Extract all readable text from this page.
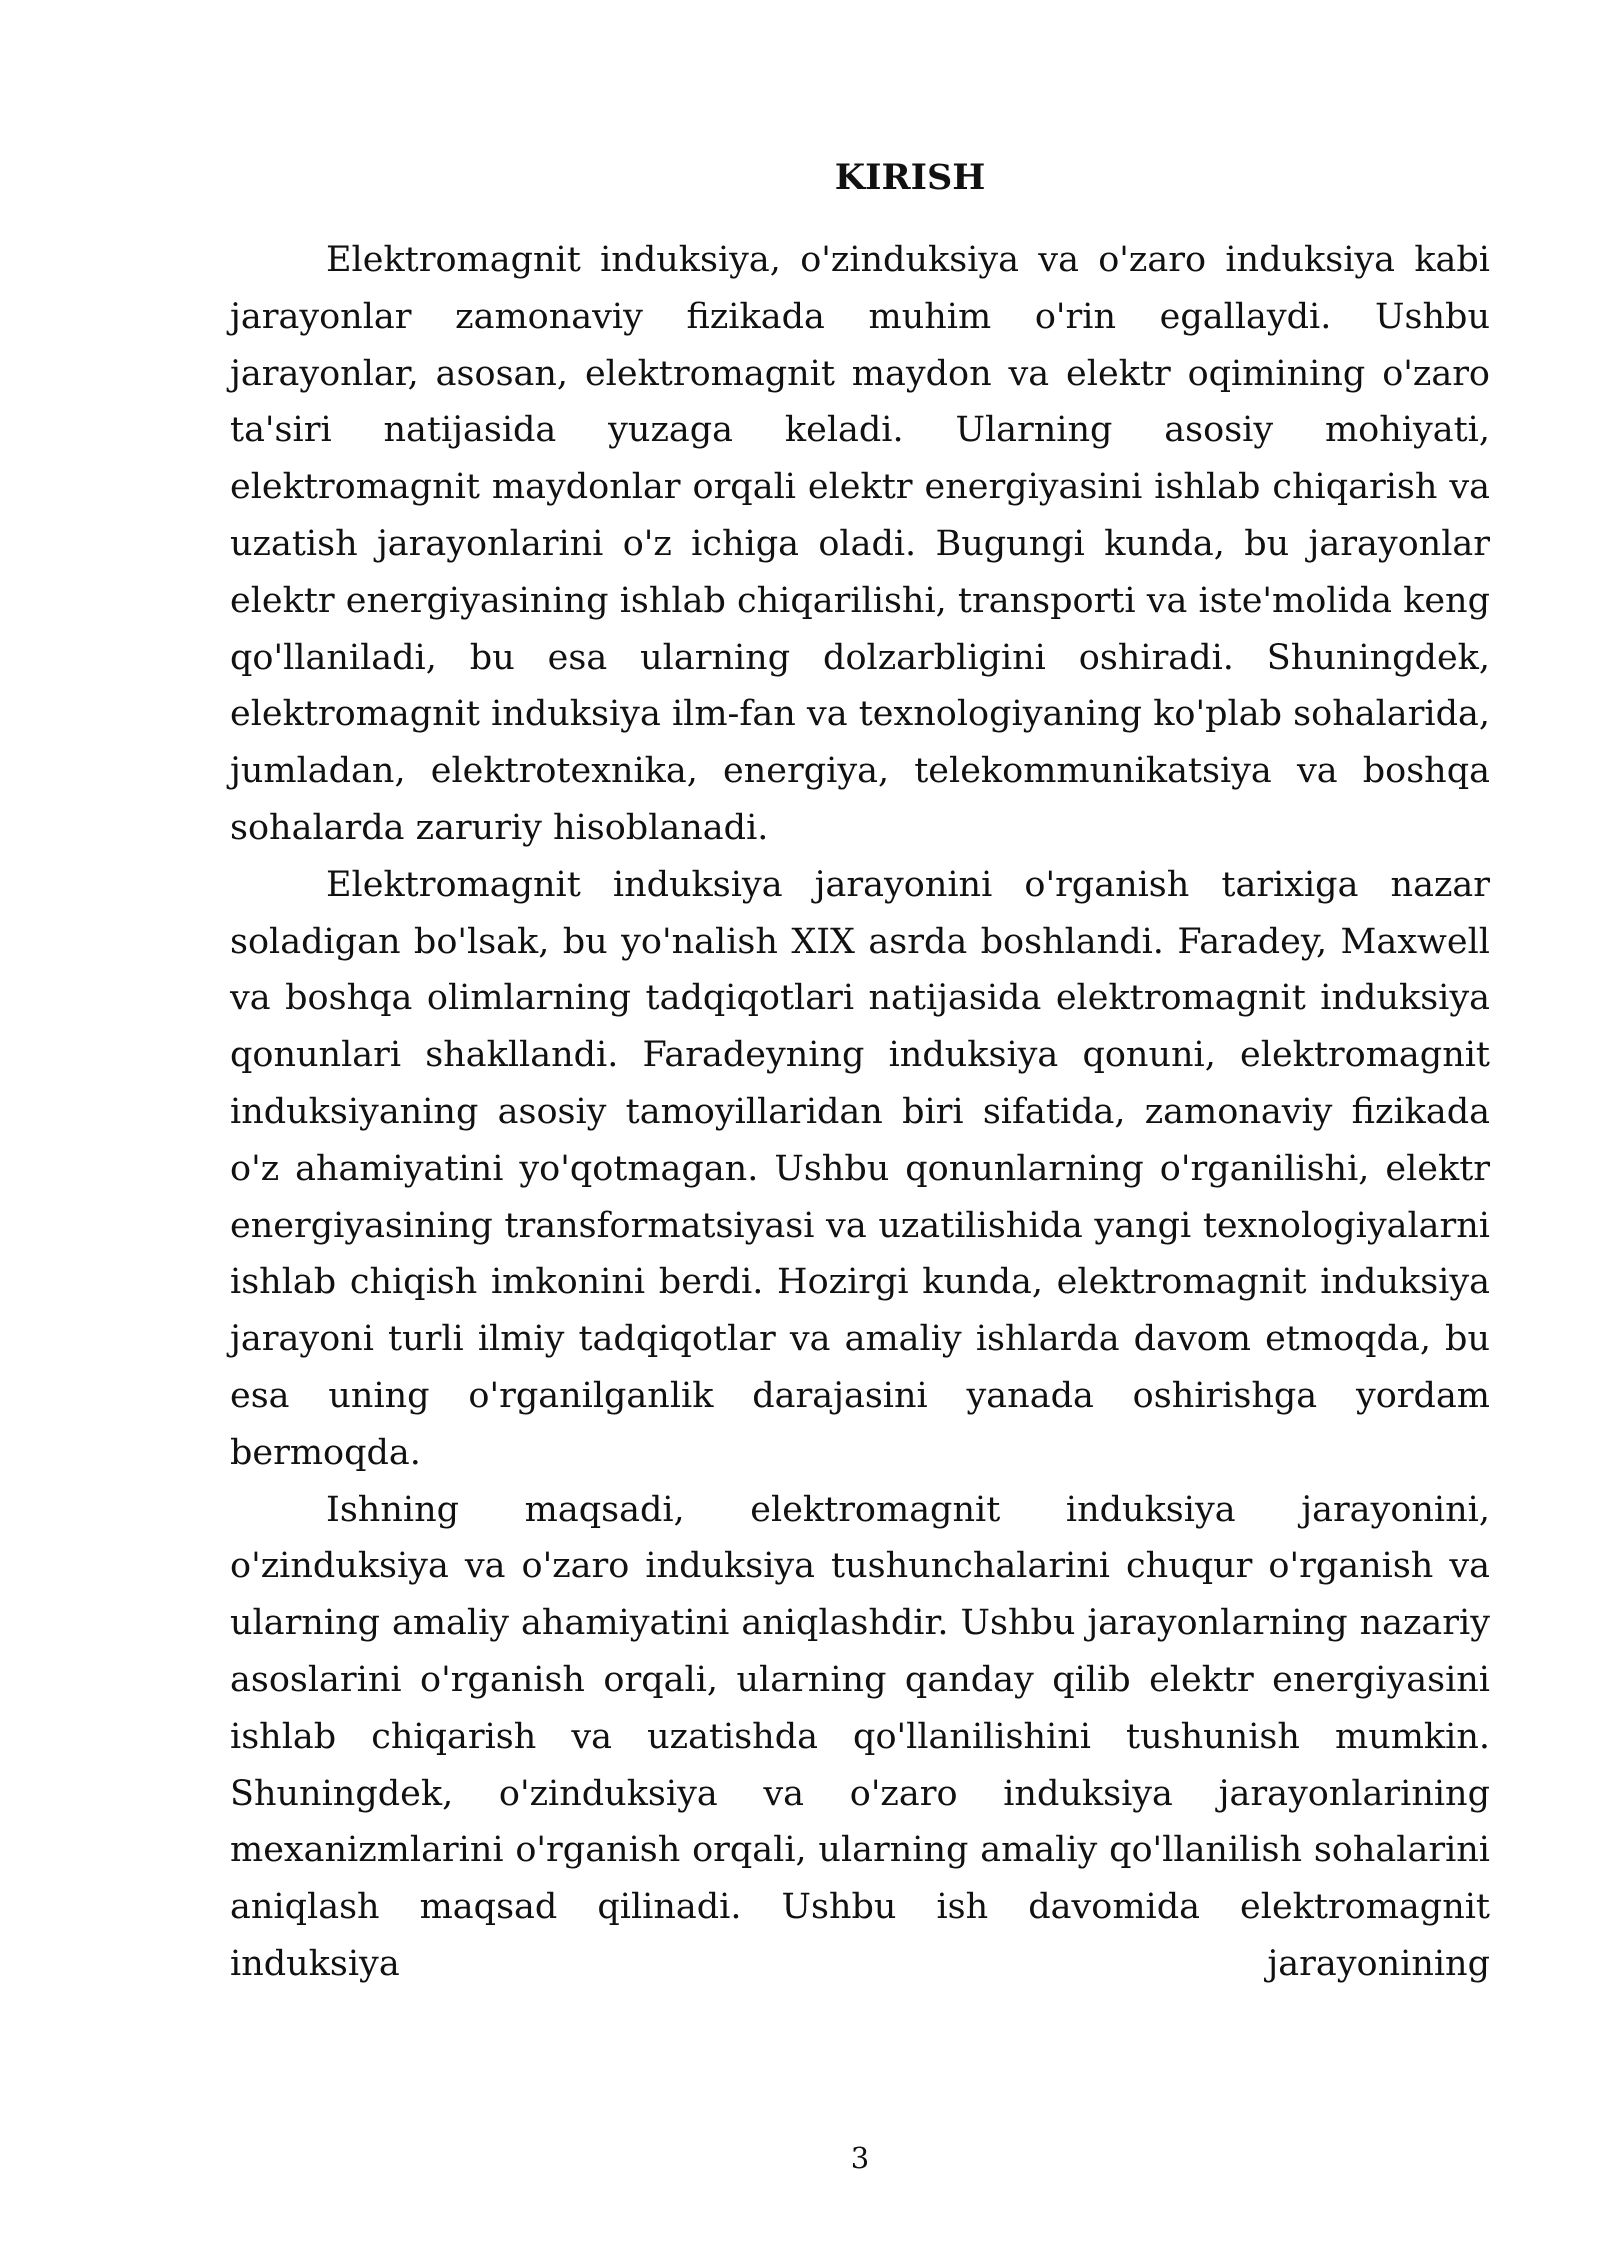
KIRISH

Elektromagnit induksiya, o'zinduksiya va o'zaro induksiya kabi jarayonlar zamonaviy fizikada muhim o'rin egallaydi. Ushbu jarayonlar, asosan, elektromagnit maydon va elektr oqimining o'zaro ta'siri natijasida yuzaga keladi. Ularning asosiy mohiyati, elektromagnit maydonlar orqali elektr energiyasini ishlab chiqarish va uzatish jarayonlarini o'z ichiga oladi. Bugungi kunda, bu jarayonlar elektr energiyasining ishlab chiqarilishi, transporti va iste'molida keng qo'llaniladi, bu esa ularning dolzarbligini oshiradi. Shuningdek, elektromagnit induksiya ilm-fan va texnologiyaning ko'plab sohalarida, jumladan, elektrotexnika, energiya, telekommunikatsiya va boshqa sohalarda zaruriy hisoblanadi.

Elektromagnit induksiya jarayonini o'rganish tarixiga nazar soladigan bo'lsak, bu yo'nalish XIX asrda boshlandi. Faradey, Maxwell va boshqa olimlarning tadqiqotlari natijasida elektromagnit induksiya qonunlari shakllandi. Faradeyning induksiya qonuni, elektromagnit induksiyaning asosiy tamoyillaridan biri sifatida, zamonaviy fizikada o'z ahamiyatini yo'qotmagan. Ushbu qonunlarning o'rganilishi, elektr energiyasining transformatsiyasi va uzatilishida yangi texnologiyalarni ishlab chiqish imkonini berdi. Hozirgi kunda, elektromagnit induksiya jarayoni turli ilmiy tadqiqotlar va amaliy ishlarda davom etmoqda, bu esa uning o'rganilganlik darajasini yanada oshirishga yordam bermoqda.

Ishning maqsadi, elektromagnit induksiya jarayonini, o'zinduksiya va o'zaro induksiya tushunchalarini chuqur o'rganish va ularning amaliy ahamiyatini aniqlashdir. Ushbu jarayonlarning nazariy asoslarini o'rganish orqali, ularning qanday qilib elektr energiyasini ishlab chiqarish va uzatishda qo'llanilishini tushunish mumkin. Shuningdek, o'zinduksiya va o'zaro induksiya jarayonlarining mexanizmlarini o'rganish orqali, ularning amaliy qo'llanilish sohalarini aniqlash maqsad qilinadi. Ushbu ish davomida elektromagnit induksiya jarayonining

3
